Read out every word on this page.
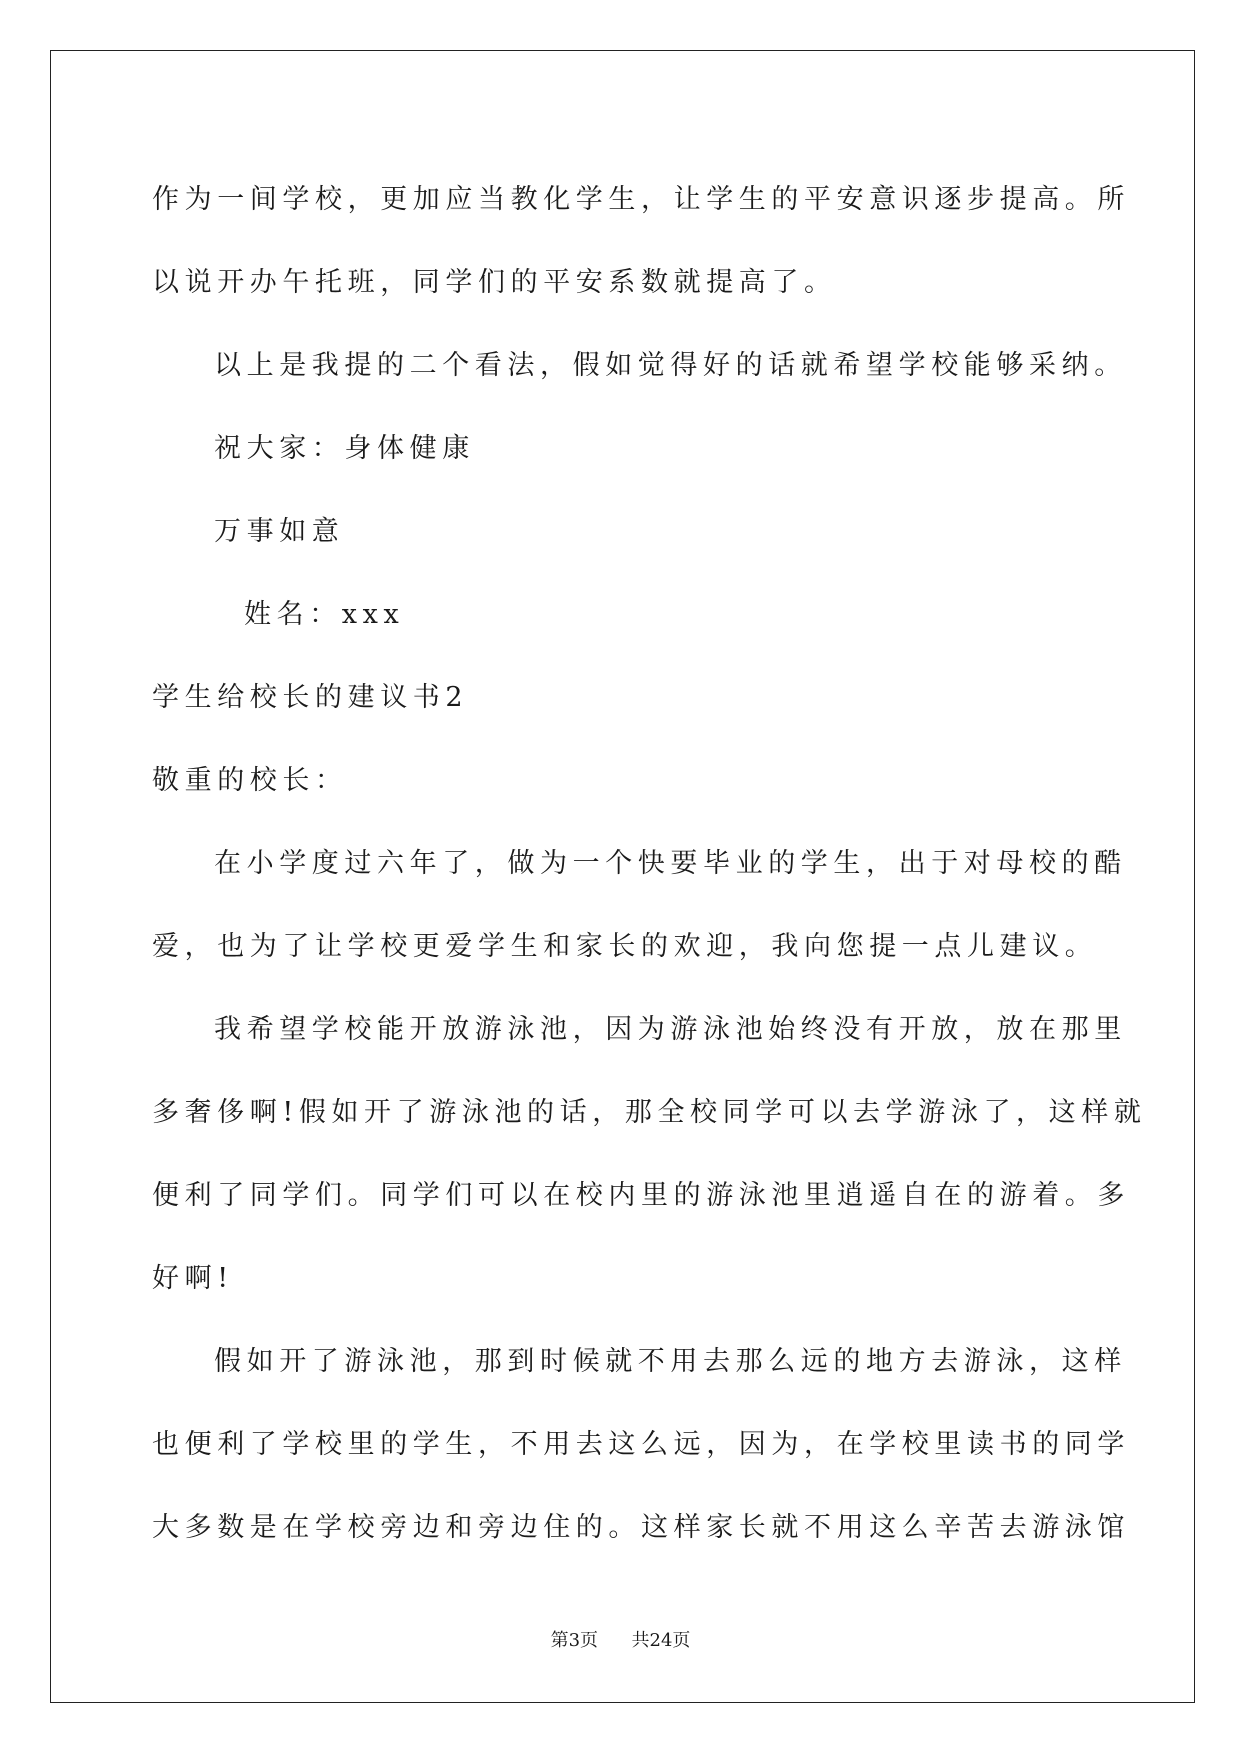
作为一间学校，更加应当教化学生，让学生的平安意识逐步提高。所
以说开办午托班，同学们的平安系数就提高了。
以上是我提的二个看法，假如觉得好的话就希望学校能够采纳。
祝大家：身体健康
万事如意
姓名：xxx
学生给校长的建议书2
敬重的校长：
在小学度过六年了，做为一个快要毕业的学生，出于对母校的酷
爱，也为了让学校更爱学生和家长的欢迎，我向您提一点儿建议。
我希望学校能开放游泳池，因为游泳池始终没有开放，放在那里
多奢侈啊!假如开了游泳池的话，那全校同学可以去学游泳了，这样就
便利了同学们。同学们可以在校内里的游泳池里逍遥自在的游着。多
好啊!
假如开了游泳池，那到时候就不用去那么远的地方去游泳，这样
也便利了学校里的学生，不用去这么远，因为，在学校里读书的同学
大多数是在学校旁边和旁边住的。这样家长就不用这么辛苦去游泳馆
第3页 共24页
